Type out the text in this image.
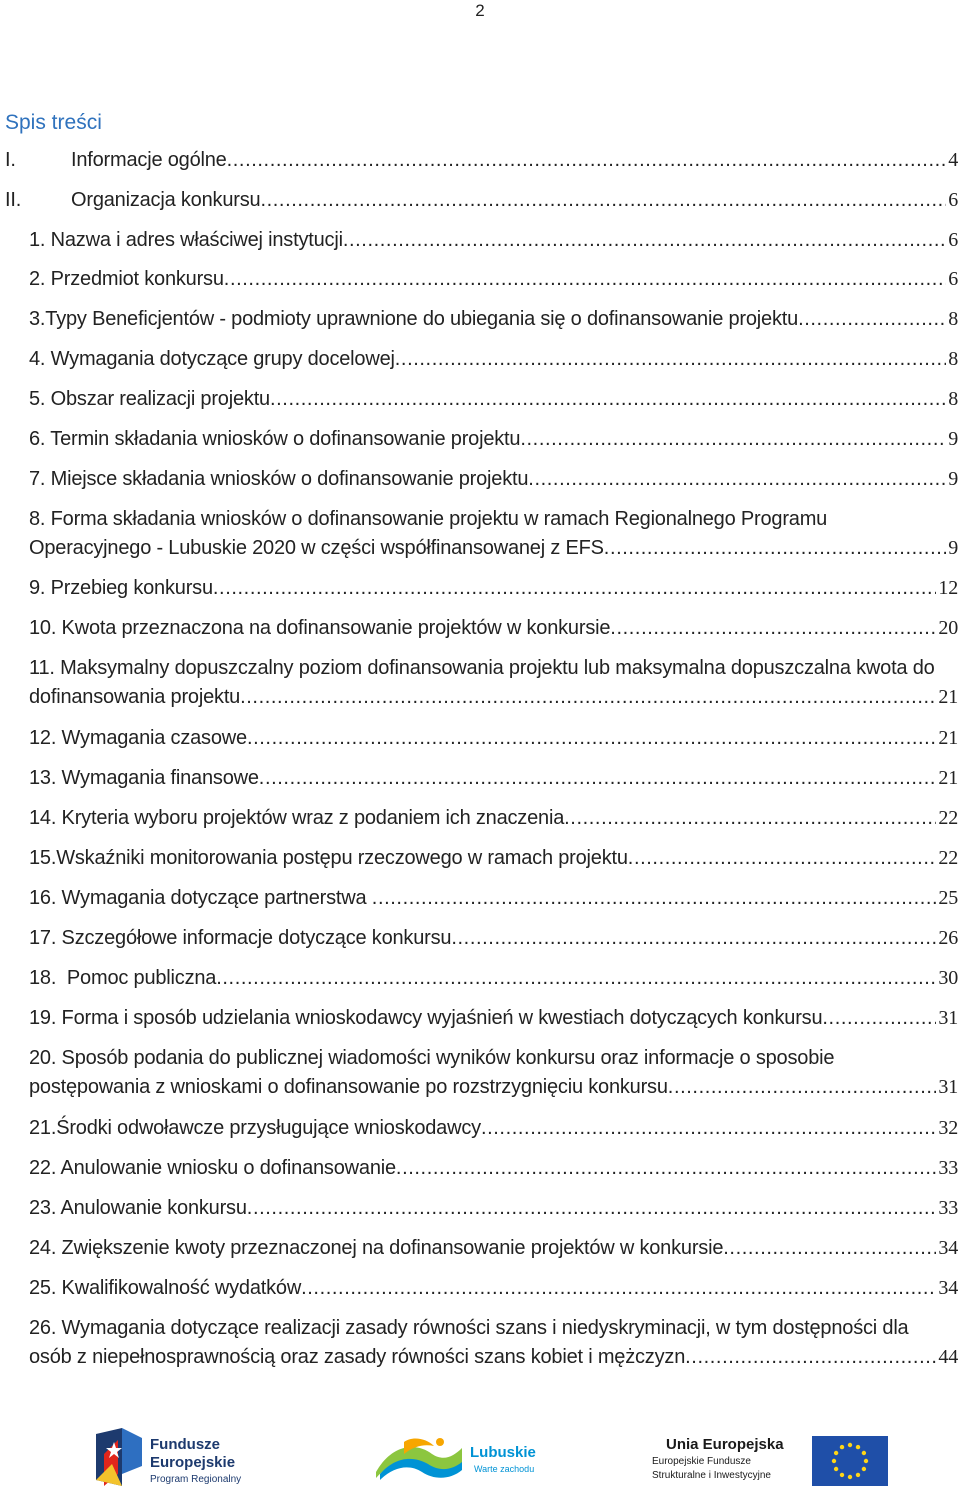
2
Spis treści
I.	Informacje ogólne .....	4
II.	Organizacja konkursu .....	6
1. Nazwa i adres właściwej instytucji .....	6
2. Przedmiot konkursu .....	6
3.Typy Beneficjentów - podmioty uprawnione do ubiegania się o dofinansowanie projektu .....	8
4. Wymagania dotyczące grupy docelowej .....	8
5. Obszar realizacji projektu .....	8
6. Termin składania wniosków o dofinansowanie projektu .....	9
7. Miejsce składania wniosków o dofinansowanie projektu .....	9
8. Forma składania wniosków o dofinansowanie projektu w ramach Regionalnego Programu
Operacyjnego - Lubuskie 2020 w części współfinansowanej z EFS .....	9
9. Przebieg konkursu .....	12
10. Kwota przeznaczona na dofinansowanie projektów w konkursie .....	20
11. Maksymalny dopuszczalny poziom dofinansowania projektu lub maksymalna dopuszczalna kwota do
dofinansowania projektu .....	21
12. Wymagania czasowe .....	21
13. Wymagania finansowe .....	21
14. Kryteria wyboru projektów wraz z podaniem ich znaczenia .....	22
15.Wskaźniki monitorowania postępu rzeczowego w ramach projektu .....	22
16. Wymagania dotyczące partnerstwa .....	25
17. Szczegółowe informacje dotyczące konkursu .....	26
18.  Pomoc publiczna .....	30
19. Forma i sposób udzielania wnioskodawcy wyjaśnień w kwestiach dotyczących konkursu .....	31
20. Sposób podania do publicznej wiadomości wyników konkursu oraz informacje o sposobie
postępowania z wnioskami o dofinansowanie po rozstrzygnięciu konkursu .....	31
21.Środki odwoławcze przysługujące wnioskodawcy .....	32
22. Anulowanie wniosku o dofinansowanie .....	33
23. Anulowanie konkursu .....	33
24. Zwiększenie kwoty przeznaczonej na dofinansowanie projektów w konkursie .....	34
25. Kwalifikowalność wydatków .....	34
26. Wymagania dotyczące realizacji zasady równości szans i niedyskryminacji, w tym dostępności dla
osób z niepełnosprawnością oraz zasady równości szans kobiet i mężczyzn .....	44
Fundusze
Europejskie
Program Regionalny
Lubuskie
Warte zachodu
Unia Europejska
Europejskie Fundusze
Strukturalne i Inwestycyjne
